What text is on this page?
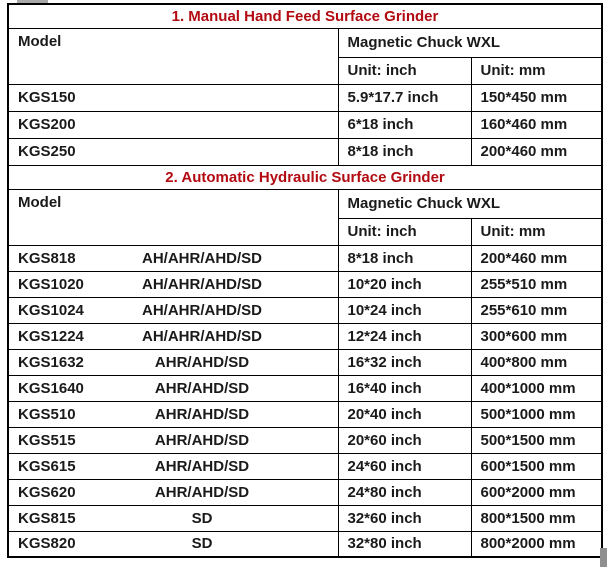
1. Manual Hand Feed Surface Grinder		
Model	Magnetic Chuck WXL	
	Unit: inch	Unit: mm

KGS150	5.9*17.7 inch	150*450 mm

KGS200	6*18 inch	160*460 mm

KGS250	8*18 inch	200*460 mm
2. Automatic Hydraulic Surface Grinder		
Model	Magnetic Chuck WXL	
	Unit: inch	Unit: mm

KGS818 AH/AHR/AHD/SD	8*18 inch	200*460 mm

KGS1020 AH/AHR/AHD/SD	10*20 inch	255*510 mm

KGS1024 AH/AHR/AHD/SD	10*24 inch	255*610 mm

KGS1224 AH/AHR/AHD/SD	12*24 inch	300*600 mm

KGS1632 AHR/AHD/SD	16*32 inch	400*800 mm

KGS1640 AHR/AHD/SD	16*40 inch	400*1000 mm

KGS510 AHR/AHD/SD	20*40 inch	500*1000 mm

KGS515 AHR/AHD/SD	20*60 inch	500*1500 mm

KGS615 AHR/AHD/SD	24*60 inch	600*1500 mm

KGS620 AHR/AHD/SD	24*80 inch	600*2000 mm

KGS815 SD	32*60 inch	800*1500 mm

KGS820 SD	32*80 inch	800*2000 mm
